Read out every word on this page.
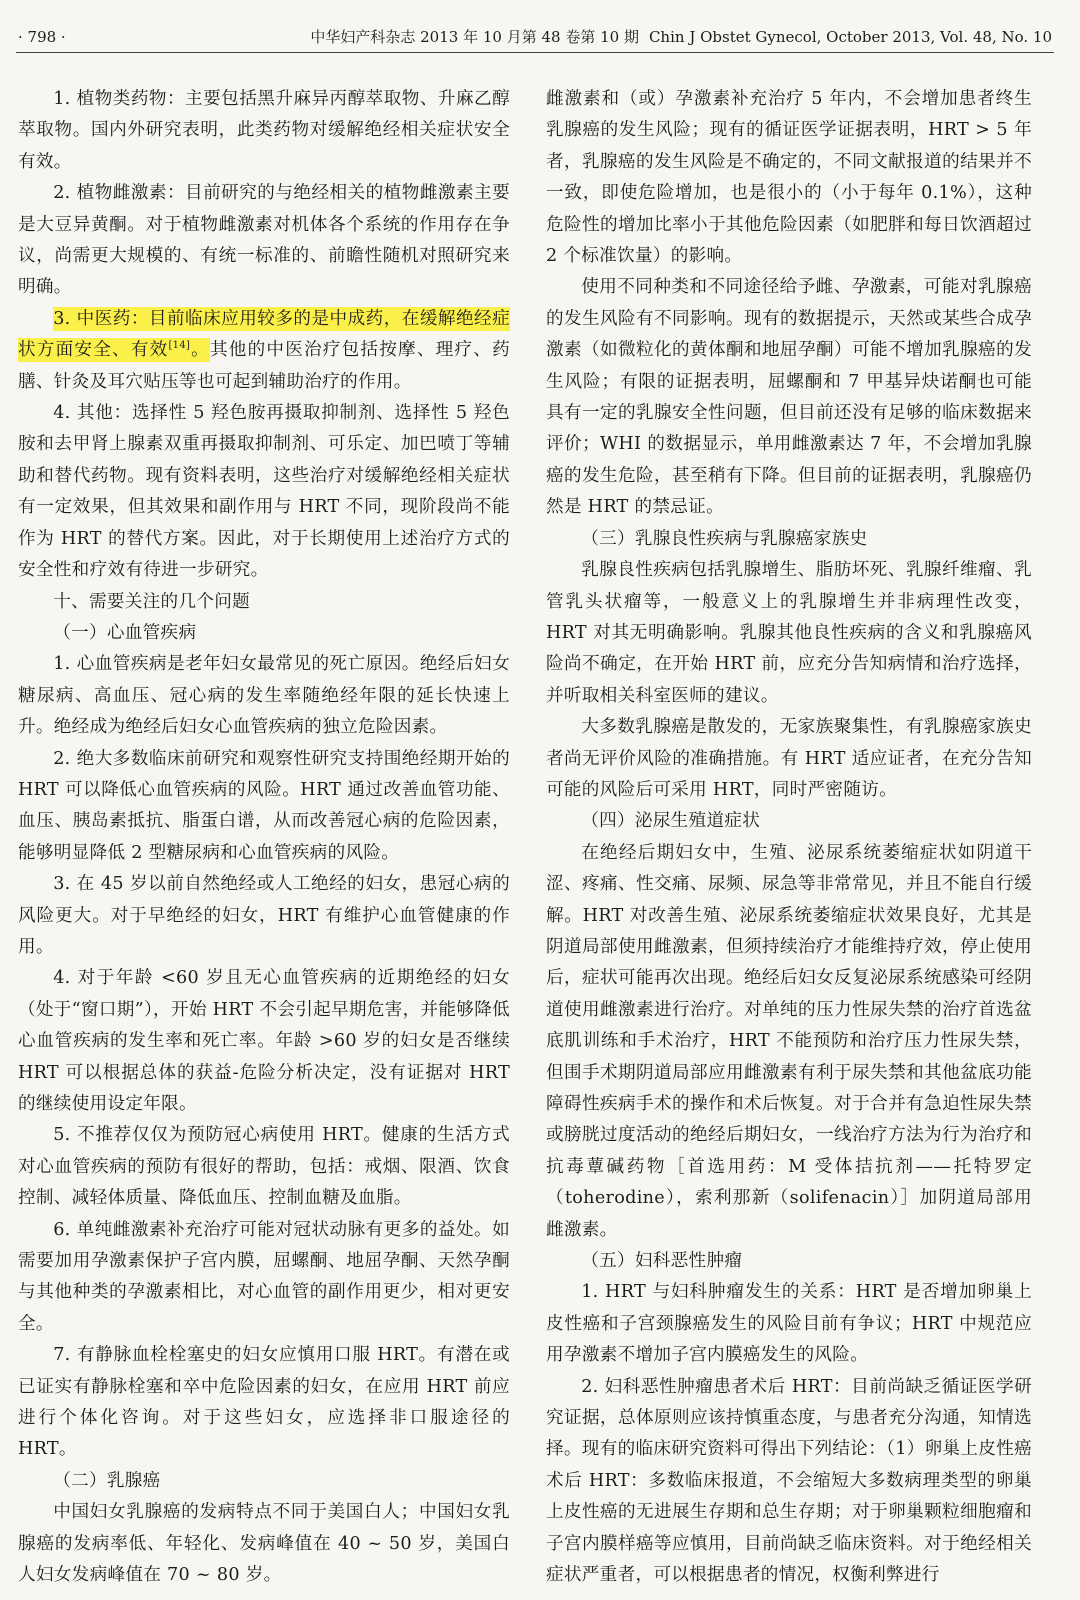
· 798 ·	中华妇产科杂志 2013 年 10 月第 48 卷第 10 期 Chin J Obstet Gynecol, October 2013, Vol. 48, No. 10

1. 植物类药物：主要包括黑升麻异丙醇萃取物、升麻乙醇萃取物。国内外研究表明，此类药物对缓解绝经相关症状安全有效。

2. 植物雌激素：目前研究的与绝经相关的植物雌激素主要是大豆异黄酮。对于植物雌激素对机体各个系统的作用存在争议，尚需更大规模的、有统一标准的、前瞻性随机对照研究来明确。

3. 中医药：目前临床应用较多的是中成药，在缓解绝经症状方面安全、有效[14]。其他的中医治疗包括按摩、理疗、药膳、针灸及耳穴贴压等也可起到辅助治疗的作用。

4. 其他：选择性 5 羟色胺再摄取抑制剂、选择性 5 羟色胺和去甲肾上腺素双重再摄取抑制剂、可乐定、加巴喷丁等辅助和替代药物。现有资料表明，这些治疗对缓解绝经相关症状有一定效果，但其效果和副作用与 HRT 不同，现阶段尚不能作为 HRT 的替代方案。因此，对于长期使用上述治疗方式的安全性和疗效有待进一步研究。

十、需要关注的几个问题

（一）心血管疾病

1. 心血管疾病是老年妇女最常见的死亡原因。绝经后妇女糖尿病、高血压、冠心病的发生率随绝经年限的延长快速上升。绝经成为绝经后妇女心血管疾病的独立危险因素。

2. 绝大多数临床前研究和观察性研究支持围绝经期开始的 HRT 可以降低心血管疾病的风险。HRT 通过改善血管功能、血压、胰岛素抵抗、脂蛋白谱，从而改善冠心病的危险因素，能够明显降低 2 型糖尿病和心血管疾病的风险。

3. 在 45 岁以前自然绝经或人工绝经的妇女，患冠心病的风险更大。对于早绝经的妇女，HRT 有维护心血管健康的作用。

4. 对于年龄 <60 岁且无心血管疾病的近期绝经的妇女（处于“窗口期”），开始 HRT 不会引起早期危害，并能够降低心血管疾病的发生率和死亡率。年龄 >60 岁的妇女是否继续 HRT 可以根据总体的获益-危险分析决定，没有证据对 HRT 的继续使用设定年限。

5. 不推荐仅仅为预防冠心病使用 HRT。健康的生活方式对心血管疾病的预防有很好的帮助，包括：戒烟、限酒、饮食控制、减轻体质量、降低血压、控制血糖及血脂。

6. 单纯雌激素补充治疗可能对冠状动脉有更多的益处。如需要加用孕激素保护子宫内膜，屈螺酮、地屈孕酮、天然孕酮与其他种类的孕激素相比，对心血管的副作用更少，相对更安全。

7. 有静脉血栓栓塞史的妇女应慎用口服 HRT。有潜在或已证实有静脉栓塞和卒中危险因素的妇女，在应用 HRT 前应进行个体化咨询。对于这些妇女，应选择非口服途径的 HRT。

（二）乳腺癌

中国妇女乳腺癌的发病特点不同于美国白人；中国妇女乳腺癌的发病率低、年轻化、发病峰值在 40 ~ 50 岁，美国白人妇女发病峰值在 70 ~ 80 岁。

雌激素和（或）孕激素补充治疗 5 年内，不会增加患者终生乳腺癌的发生风险；现有的循证医学证据表明，HRT > 5 年者，乳腺癌的发生风险是不确定的，不同文献报道的结果并不一致，即使危险增加，也是很小的（小于每年 0.1%），这种危险性的增加比率小于其他危险因素（如肥胖和每日饮酒超过 2 个标准饮量）的影响。

使用不同种类和不同途径给予雌、孕激素，可能对乳腺癌的发生风险有不同影响。现有的数据提示，天然或某些合成孕激素（如微粒化的黄体酮和地屈孕酮）可能不增加乳腺癌的发生风险；有限的证据表明，屈螺酮和 7 甲基异炔诺酮也可能具有一定的乳腺安全性问题，但目前还没有足够的临床数据来评价；WHI 的数据显示，单用雌激素达 7 年，不会增加乳腺癌的发生危险，甚至稍有下降。但目前的证据表明，乳腺癌仍然是 HRT 的禁忌证。

（三）乳腺良性疾病与乳腺癌家族史

乳腺良性疾病包括乳腺增生、脂肪坏死、乳腺纤维瘤、乳管乳头状瘤等，一般意义上的乳腺增生并非病理性改变，HRT 对其无明确影响。乳腺其他良性疾病的含义和乳腺癌风险尚不确定，在开始 HRT 前，应充分告知病情和治疗选择，并听取相关科室医师的建议。

大多数乳腺癌是散发的，无家族聚集性，有乳腺癌家族史者尚无评价风险的准确措施。有 HRT 适应证者，在充分告知可能的风险后可采用 HRT，同时严密随访。

（四）泌尿生殖道症状

在绝经后期妇女中，生殖、泌尿系统萎缩症状如阴道干涩、疼痛、性交痛、尿频、尿急等非常常见，并且不能自行缓解。HRT 对改善生殖、泌尿系统萎缩症状效果良好，尤其是阴道局部使用雌激素，但须持续治疗才能维持疗效，停止使用后，症状可能再次出现。绝经后妇女反复泌尿系统感染可经阴道使用雌激素进行治疗。对单纯的压力性尿失禁的治疗首选盆底肌训练和手术治疗，HRT 不能预防和治疗压力性尿失禁，但围手术期阴道局部应用雌激素有利于尿失禁和其他盆底功能障碍性疾病手术的操作和术后恢复。对于合并有急迫性尿失禁或膀胱过度活动的绝经后期妇女，一线治疗方法为行为治疗和抗毒蕈碱药物［首选用药：M 受体拮抗剂——托特罗定（toherodine），索利那新（solifenacin）］加阴道局部用雌激素。

（五）妇科恶性肿瘤

1. HRT 与妇科肿瘤发生的关系：HRT 是否增加卵巢上皮性癌和子宫颈腺癌发生的风险目前有争议；HRT 中规范应用孕激素不增加子宫内膜癌发生的风险。

2. 妇科恶性肿瘤患者术后 HRT：目前尚缺乏循证医学研究证据，总体原则应该持慎重态度，与患者充分沟通，知情选择。现有的临床研究资料可得出下列结论：（1）卵巢上皮性癌术后 HRT：多数临床报道，不会缩短大多数病理类型的卵巢上皮性癌的无进展生存期和总生存期；对于卵巢颗粒细胞瘤和子宫内膜样癌等应慎用，目前尚缺乏临床资料。对于绝经相关症状严重者，可以根据患者的情况，权衡利弊进行
